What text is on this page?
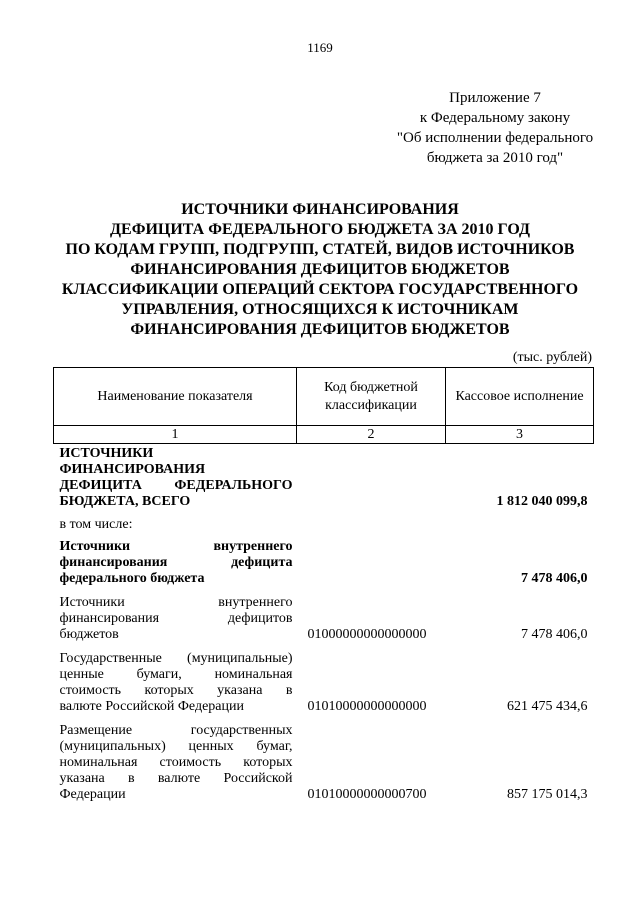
1169
Приложение 7
к Федеральному закону
"Об исполнении федерального
бюджета за 2010 год"
ИСТОЧНИКИ ФИНАНСИРОВАНИЯ
ДЕФИЦИТА ФЕДЕРАЛЬНОГО БЮДЖЕТА ЗА 2010 ГОД
ПО КОДАМ ГРУПП, ПОДГРУПП, СТАТЕЙ, ВИДОВ ИСТОЧНИКОВ
ФИНАНСИРОВАНИЯ ДЕФИЦИТОВ БЮДЖЕТОВ
КЛАССИФИКАЦИИ ОПЕРАЦИЙ СЕКТОРА ГОСУДАРСТВЕННОГО
УПРАВЛЕНИЯ, ОТНОСЯЩИХСЯ К ИСТОЧНИКАМ
ФИНАНСИРОВАНИЯ ДЕФИЦИТОВ БЮДЖЕТОВ
(тыс. рублей)
Наименование показателя	Код бюджетной классификации	Кассовое исполнение
1	2	3

ИСТОЧНИКИ
ФИНАНСИРОВАНИЯ
ДЕФИЦИТА ФЕДЕРАЛЬНОГО
БЮДЖЕТА, ВСЕГО		1 812 040 099,8

в том числе:		

Источники внутреннего
финансирования дефицита
федерального бюджета		7 478 406,0

Источники внутреннего
финансирования дефицитов
бюджетов	01000000000000000	7 478 406,0

Государственные (муниципальные)
ценные бумаги, номинальная
стоимость которых указана в
валюте Российской Федерации	01010000000000000	621 475 434,6

Размещение государственных
(муниципальных) ценных бумаг,
номинальная стоимость которых
указана в валюте Российской
Федерации	01010000000000700	857 175 014,3
